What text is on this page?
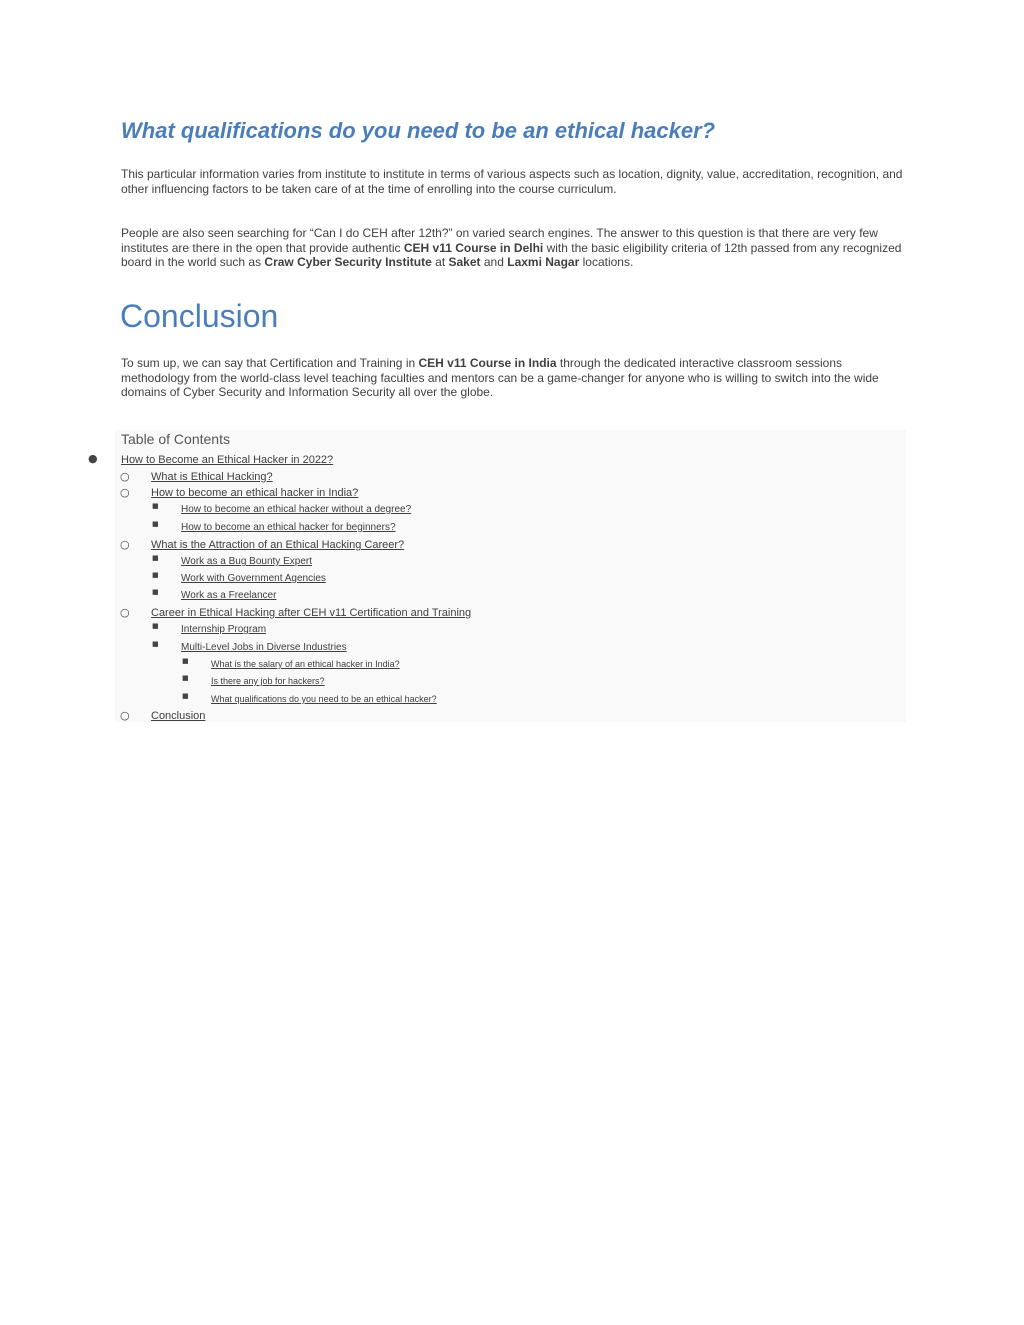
What qualifications do you need to be an ethical hacker?

This particular information varies from institute to institute in terms of various aspects such as location, dignity, value, accreditation, recognition, and other influencing factors to be taken care of at the time of enrolling into the course curriculum.

People are also seen searching for “Can I do CEH after 12th?” on varied search engines. The answer to this question is that there are very few institutes are there in the open that provide authentic CEH v11 Course in Delhi with the basic eligibility criteria of 12th passed from any recognized board in the world such as Craw Cyber Security Institute at Saket and Laxmi Nagar locations.

Conclusion

To sum up, we can say that Certification and Training in CEH v11 Course in India through the dedicated interactive classroom sessions methodology from the world-class level teaching faculties and mentors can be a game-changer for anyone who is willing to switch into the wide domains of Cyber Security and Information Security all over the globe.

Table of Contents
● How to Become an Ethical Hacker in 2022?
○ What is Ethical Hacking?
○ How to become an ethical hacker in India?
■ How to become an ethical hacker without a degree?
■ How to become an ethical hacker for beginners?
○ What is the Attraction of an Ethical Hacking Career?
■ Work as a Bug Bounty Expert
■ Work with Government Agencies
■ Work as a Freelancer
○ Career in Ethical Hacking after CEH v11 Certification and Training
■ Internship Program
■ Multi-Level Jobs in Diverse Industries
■ What is the salary of an ethical hacker in India?
■ Is there any job for hackers?
■ What qualifications do you need to be an ethical hacker?
○ Conclusion
